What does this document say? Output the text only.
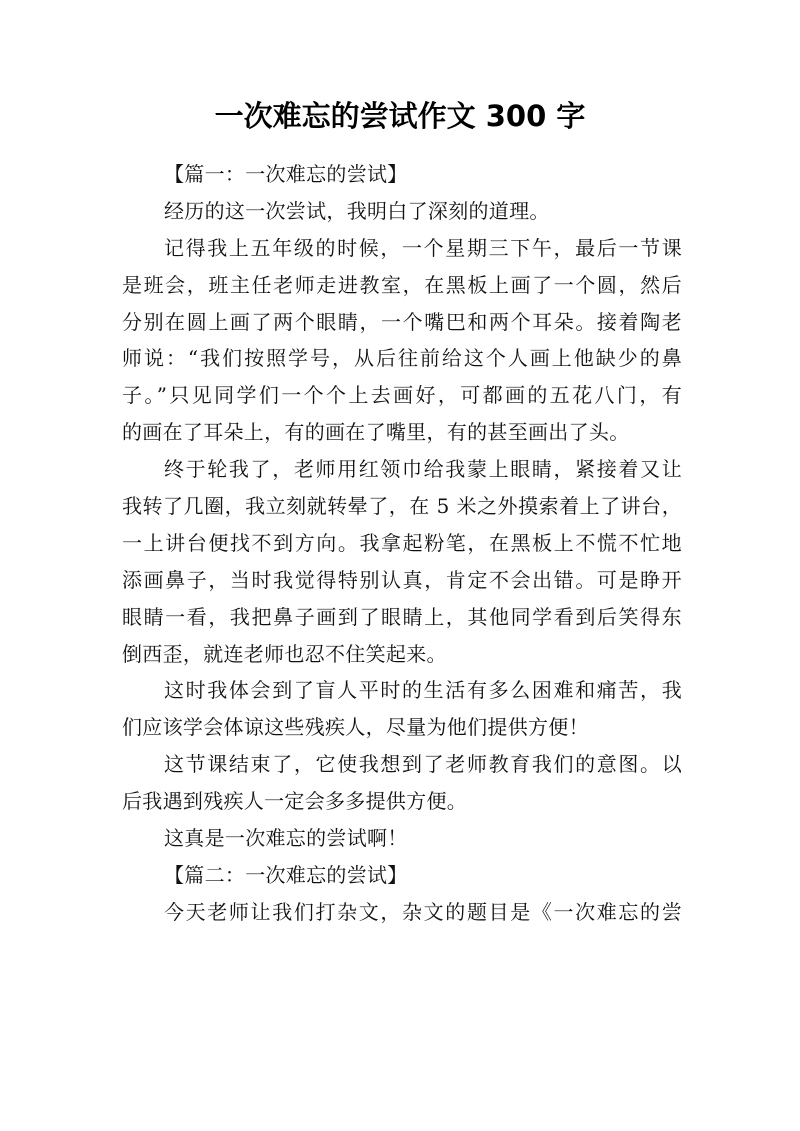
一次难忘的尝试作文 300 字
【篇一：一次难忘的尝试】
经历的这一次尝试，我明白了深刻的道理。
记得我上五年级的时候，一个星期三下午，最后一节课
是班会，班主任老师走进教室，在黑板上画了一个圆，然后
分别在圆上画了两个眼睛，一个嘴巴和两个耳朵。接着陶老
师说：“我们按照学号，从后往前给这个人画上他缺少的鼻
子。”只见同学们一个个上去画好，可都画的五花八门，有
的画在了耳朵上，有的画在了嘴里，有的甚至画出了头。
终于轮我了，老师用红领巾给我蒙上眼睛，紧接着又让
我转了几圈，我立刻就转晕了，在 5 米之外摸索着上了讲台，
一上讲台便找不到方向。我拿起粉笔，在黑板上不慌不忙地
添画鼻子，当时我觉得特别认真，肯定不会出错。可是睁开
眼睛一看，我把鼻子画到了眼睛上，其他同学看到后笑得东
倒西歪，就连老师也忍不住笑起来。
这时我体会到了盲人平时的生活有多么困难和痛苦，我
们应该学会体谅这些残疾人，尽量为他们提供方便！
这节课结束了，它使我想到了老师教育我们的意图。以
后我遇到残疾人一定会多多提供方便。
这真是一次难忘的尝试啊！
【篇二：一次难忘的尝试】
今天老师让我们打杂文，杂文的题目是《一次难忘的尝
